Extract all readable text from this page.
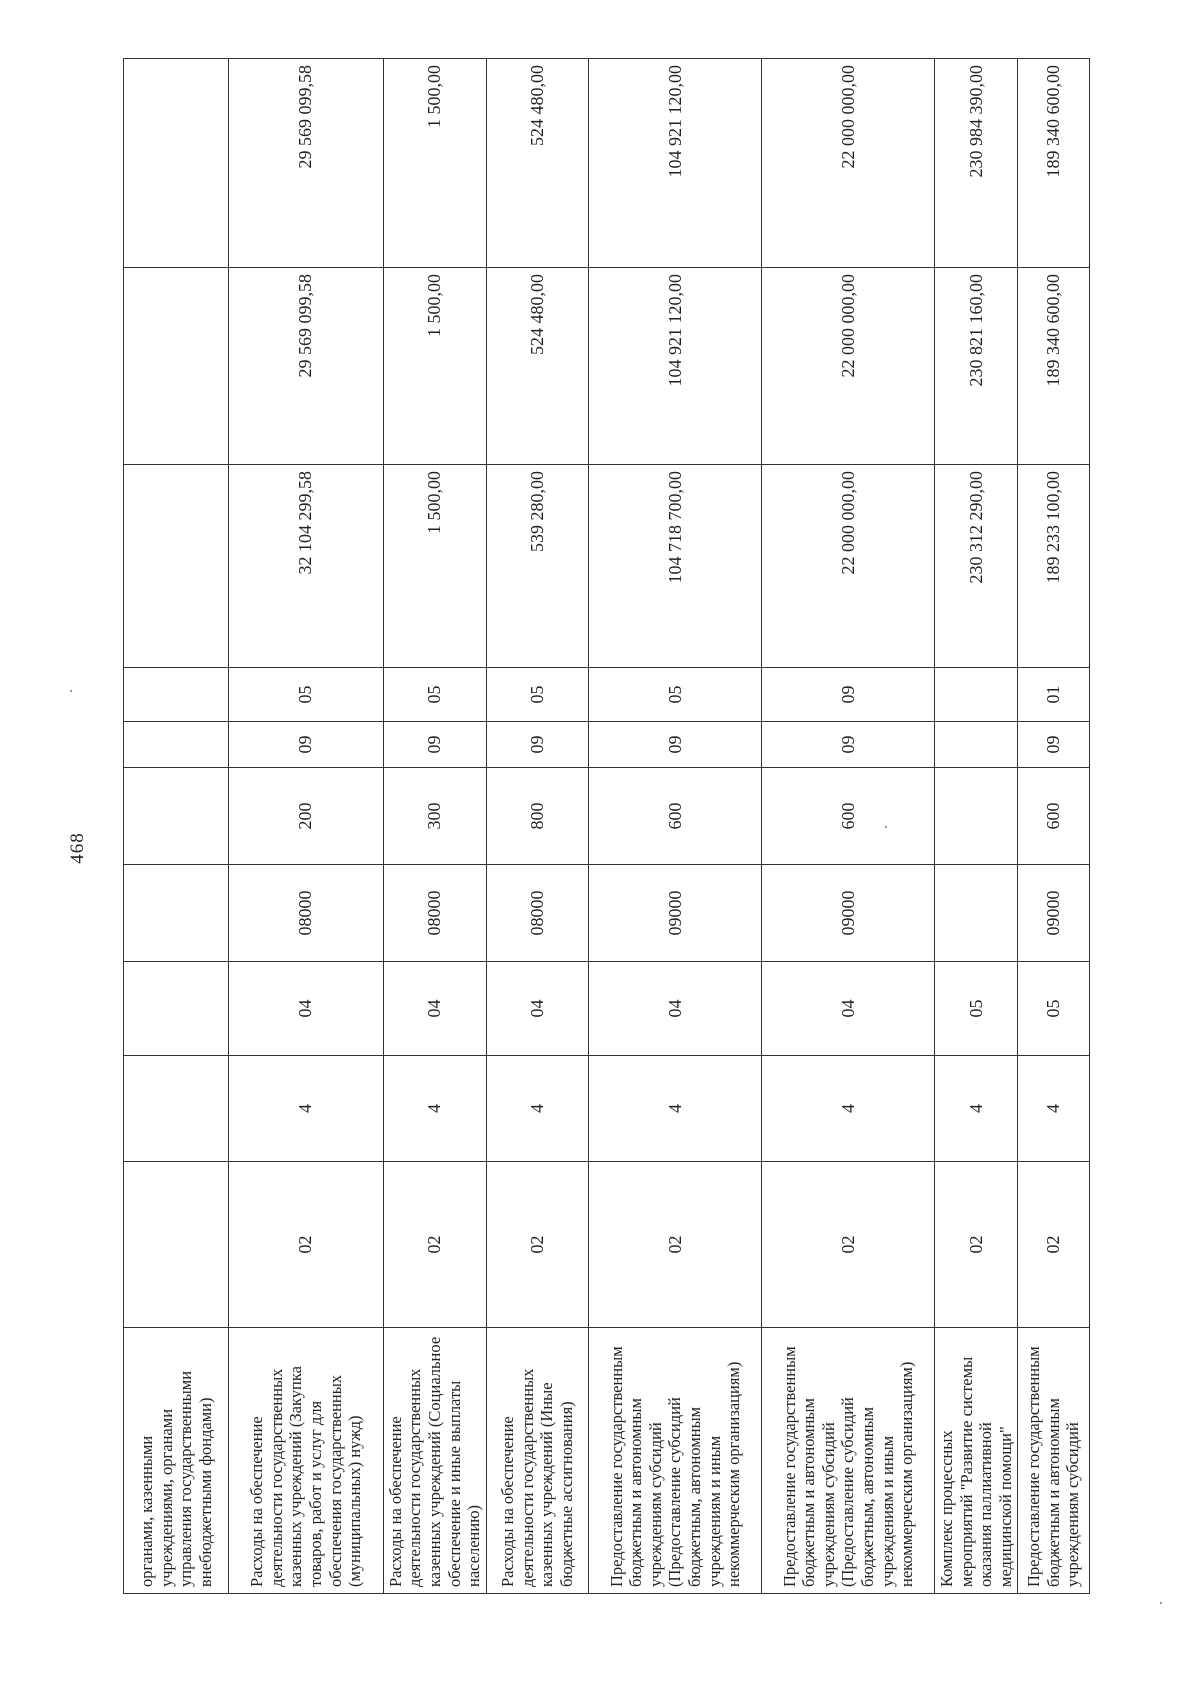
468
органами, казенными учреждениями, органами управления государственными внебюджетными фондами)										
Расходы на обеспечение деятельности государственных казенных учреждений (Закупка товаров, работ и услуг для обеспечения государственных (муниципальных) нужд)	02	4	04	08000	200	09	05	32 104 299,58	29 569 099,58	29 569 099,58
Расходы на обеспечение деятельности государственных казенных учреждений (Социальное обеспечение и иные выплаты населению)	02	4	04	08000	300	09	05	1 500,00	1 500,00	1 500,00
Расходы на обеспечение деятельности государственных казенных учреждений (Иные бюджетные ассигнования)	02	4	04	08000	800	09	05	539 280,00	524 480,00	524 480,00
Предоставление государственным бюджетным и автономным учреждениям субсидий (Предоставление субсидий бюджетным, автономным учреждениям и иным некоммерческим организациям)	02	4	04	09000	600	09	05	104 718 700,00	104 921 120,00	104 921 120,00
Предоставление государственным бюджетным и автономным учреждениям субсидий (Предоставление субсидий бюджетным, автономным учреждениям и иным некоммерческим организациям)	02	4	04	09000	600	09	09	22 000 000,00	22 000 000,00	22 000 000,00
Комплекс процессных мероприятий "Развитие системы оказания паллиативной медицинской помощи"	02	4	05					230 312 290,00	230 821 160,00	230 984 390,00
Предоставление государственным бюджетным и автономным учреждениям субсидий	02	4	05	09000	600	09	01	189 233 100,00	189 340 600,00	189 340 600,00
